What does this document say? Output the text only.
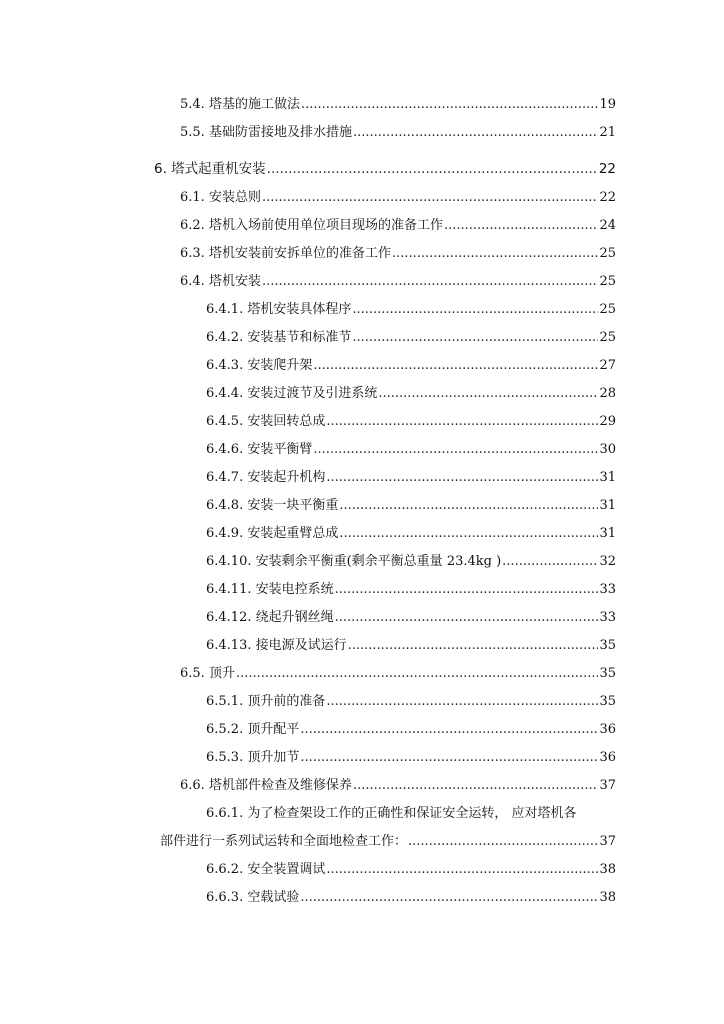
5.4. 塔基的施工做法 .....	19
5.5. 基础防雷接地及排水措施 .....	21
6. 塔式起重机安装 .....	22
6.1. 安装总则 .....	22
6.2. 塔机入场前使用单位项目现场的准备工作 .....	24
6.3. 塔机安装前安拆单位的准备工作 .....	25
6.4. 塔机安装 .....	25
6.4.1. 塔机安装具体程序 .....	25
6.4.2. 安装基节和标准节 .....	25
6.4.3. 安装爬升架 .....	27
6.4.4. 安装过渡节及引进系统 .....	28
6.4.5. 安装回转总成 .....	29
6.4.6. 安装平衡臂 .....	30
6.4.7. 安装起升机构 .....	31
6.4.8. 安装一块平衡重 .....	31
6.4.9. 安装起重臂总成 .....	31
6.4.10. 安装剩余平衡重(剩余平衡总重量 23.4kg ) .....	32
6.4.11. 安装电控系统 .....	33
6.4.12. 绕起升钢丝绳 .....	33
6.4.13. 接电源及试运行 .....	35
6.5. 顶升 .....	35
6.5.1. 顶升前的准备 .....	35
6.5.2. 顶升配平 .....	36
6.5.3. 顶升加节 .....	36
6.6. 塔机部件检查及维修保养 .....	37
6.6.1. 为了检查架设工作的正确性和保证安全运转， 应对塔机各
部件进行一系列试运转和全面地检查工作： .....	37
6.6.2. 安全装置调试 .....	38
6.6.3. 空载试验 .....	38
